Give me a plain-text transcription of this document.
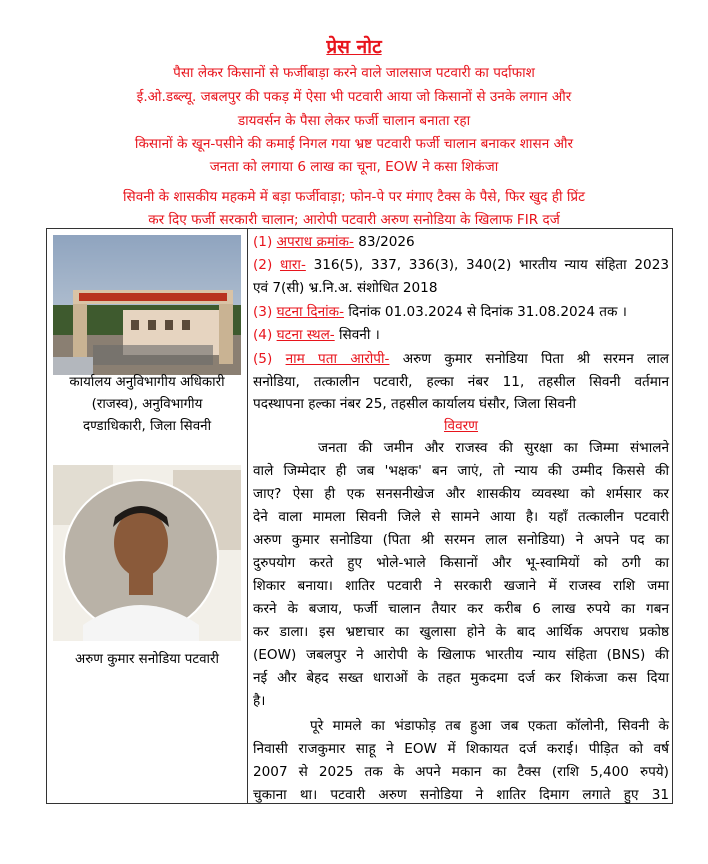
प्रेस नोट
पैसा लेकर किसानों से फर्जीबाड़ा करने वाले जालसाज पटवारी का पर्दाफाश
ई.ओ.डब्ल्यू. जबलपुर की पकड़ में ऐसा भी पटवारी आया जो किसानों से उनके लगान और
डायवर्सन के पैसा लेकर फर्जी चालान बनाता रहा
किसानों के खून-पसीने की कमाई निगल गया भ्रष्ट पटवारी फर्जी चालान बनाकर शासन और
जनता को लगाया 6 लाख का चूना, EOW ने कसा शिकंजा
सिवनी के शासकीय महकमे में बड़ा फर्जीवाड़ा; फोन-पे पर मंगाए टैक्स के पैसे, फिर खुद ही प्रिंट
कर दिए फर्जी सरकारी चालान; आरोपी पटवारी अरुण सनोडिया के खिलाफ FIR दर्ज
कार्यालय अनुविभागीय अधिकारी
(राजस्व), अनुविभागीय
दण्डाधिकारी, जिला सिवनी
अरुण कुमार सनोडिया पटवारी
(1) अपराध क्रमांक- 83/2026
(2) धारा- 316(5), 337, 336(3), 340(2) भारतीय न्याय संहिता 2023
एवं 7(सी) भ्र.नि.अ. संशोधित 2018
(3) घटना दिनांक- दिनांक 01.03.2024 से दिनांक 31.08.2024 तक ।
(4) घटना स्थल- सिवनी ।
(5) नाम पता आरोपी- अरुण कुमार सनोडिया पिता श्री सरमन लाल
सनोडिया, तत्कालीन पटवारी, हल्का नंबर 11, तहसील सिवनी वर्तमान
पदस्थापना हल्का नंबर 25, तहसील कार्यालय घंसौर, जिला सिवनी
विवरण
जनता की जमीन और राजस्व की सुरक्षा का जिम्मा संभालने
वाले जिम्मेदार ही जब 'भक्षक' बन जाएं, तो न्याय की उम्मीद किससे की
जाए? ऐसा ही एक सनसनीखेज और शासकीय व्यवस्था को शर्मसार कर
देने वाला मामला सिवनी जिले से सामने आया है। यहाँ तत्कालीन पटवारी
अरुण कुमार सनोडिया (पिता श्री सरमन लाल सनोडिया) ने अपने पद का
दुरुपयोग करते हुए भोले-भाले किसानों और भू-स्वामियों को ठगी का
शिकार बनाया। शातिर पटवारी ने सरकारी खजाने में राजस्व राशि जमा
करने के बजाय, फर्जी चालान तैयार कर करीब 6 लाख रुपये का गबन
कर डाला। इस भ्रष्टाचार का खुलासा होने के बाद आर्थिक अपराध प्रकोष्ठ
(EOW) जबलपुर ने आरोपी के खिलाफ भारतीय न्याय संहिता (BNS) की
नई और बेहद सख्त धाराओं के तहत मुकदमा दर्ज कर शिकंजा कस दिया
है।
पूरे मामले का भंडाफोड़ तब हुआ जब एकता कॉलोनी, सिवनी के
निवासी राजकुमार साहू ने EOW में शिकायत दर्ज कराई। पीड़ित को वर्ष
2007 से 2025 तक के अपने मकान का टैक्स (राशि 5,400 रुपये)
चुकाना था। पटवारी अरुण सनोडिया ने शातिर दिमाग लगाते हुए 31
